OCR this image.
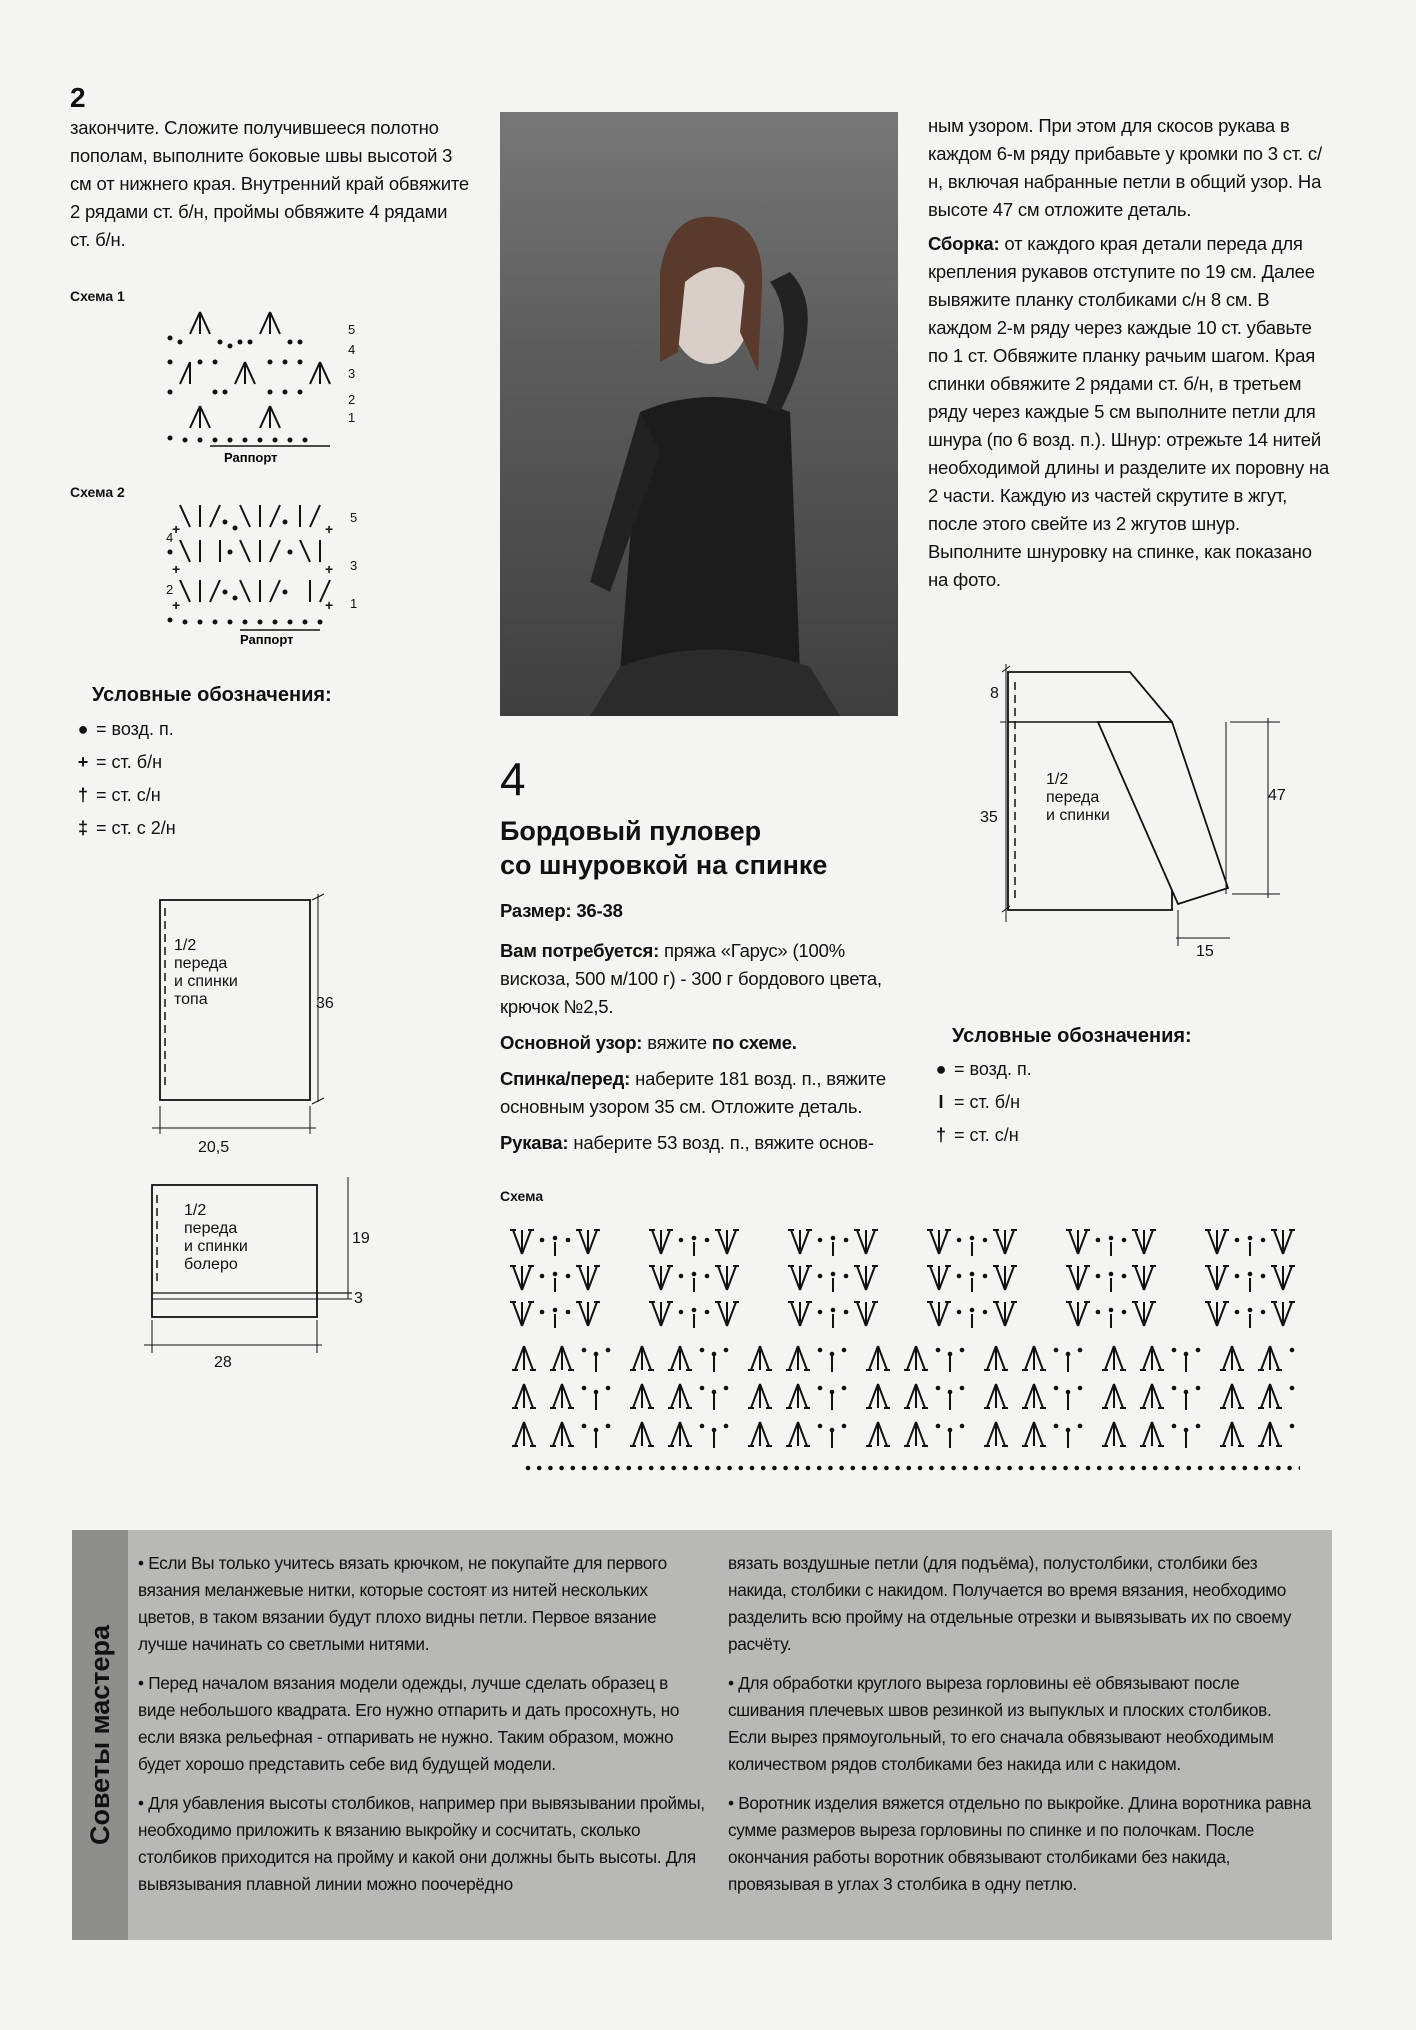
2
закончите. Сложите получившееся полотно пополам, выполните боковые швы высотой 3 см от нижнего края. Внутренний край обвяжите 2 рядами ст. б/н, проймы обвяжите 4 рядами ст. б/н.
Схема 1
5
4
3
2
1
Раппорт
Схема 2
+	+
+	+
+	+
4
5
3
2
1
Раппорт
Условные обозначения:
● = возд. п.
+ = ст. б/н
† = ст. с/н
‡ = ст. с 2/н
1/2
переда
и спинки
топа	36
20,5
1/2
переда
и спинки
болеро
19
3
28
4
Бордовый пуловер
со шнуровкой на спинке
Размер: 36-38
Вам потребуется: пряжа «Гарус» (100% вискоза, 500 м/100 г) - 300 г бордового цвета, крючок №2,5.
Основной узор: вяжите по схеме.
Спинка/перед: наберите 181 возд. п., вяжите основным узором 35 см. Отложите деталь.
Рукава: наберите 53 возд. п., вяжите основ-
ным узором. При этом для скосов рукава в каждом 6-м ряду прибавьте у кромки по 3 ст. с/н, включая набранные петли в общий узор. На высоте 47 см отложите деталь.
Сборка: от каждого края детали переда для крепления рукавов отступите по 19 см. Далее вывяжите планку столбиками с/н 8 см. В каждом 2-м ряду через каждые 10 ст. убавьте по 1 ст. Обвяжите планку рачьим шагом. Края спинки обвяжите 2 рядами ст. б/н, в третьем ряду через каждые 5 см выполните петли для шнура (по 6 возд. п.). Шнур: отрежьте 14 нитей необходимой длины и разделите их поровну на 2 части. Каждую из частей скрутите в жгут, после этого свейте из 2 жгутов шнур. Выполните шнуровку на спинке, как показано на фото.
1/2
переда
и спинки
8
35
47
15
Условные обозначения:
● = возд. п.
I = ст. б/н
† = ст. с/н
Схема
Советы мастера

• Если Вы только учитесь вязать крючком, не покупайте для первого вязания меланжевые нитки, которые состоят из нитей нескольких цветов, в таком вязании будут плохо видны петли. Первое вязание лучше начинать со светлыми нитями.

• Перед началом вязания модели одежды, лучше сделать образец в виде небольшого квадрата. Его нужно отпарить и дать просохнуть, но если вязка рельефная - отпаривать не нужно. Таким образом, можно будет хорошо представить себе вид будущей модели.

• Для убавления высоты столбиков, например при вывязывании проймы, необходимо приложить к вязанию выкройку и сосчитать, сколько столбиков приходится на пройму и какой они должны быть высоты. Для вывязывания плавной линии можно поочерёдно

вязать воздушные петли (для подъёма), полустолбики, столбики без накида, столбики с накидом. Получается во время вязания, необходимо разделить всю пройму на отдельные отрезки и вывязывать их по своему расчёту.

• Для обработки круглого выреза горловины её обвязывают после сшивания плечевых швов резинкой из выпуклых и плоских столбиков. Если вырез прямоугольный, то его сначала обвязывают необходимым количеством рядов столбиками без накида или с накидом.

• Воротник изделия вяжется отдельно по выкройке. Длина воротника равна сумме размеров выреза горловины по спинке и по полочкам. После окончания работы воротник обвязывают столбиками без накида, провязывая в углах 3 столбика в одну петлю.
